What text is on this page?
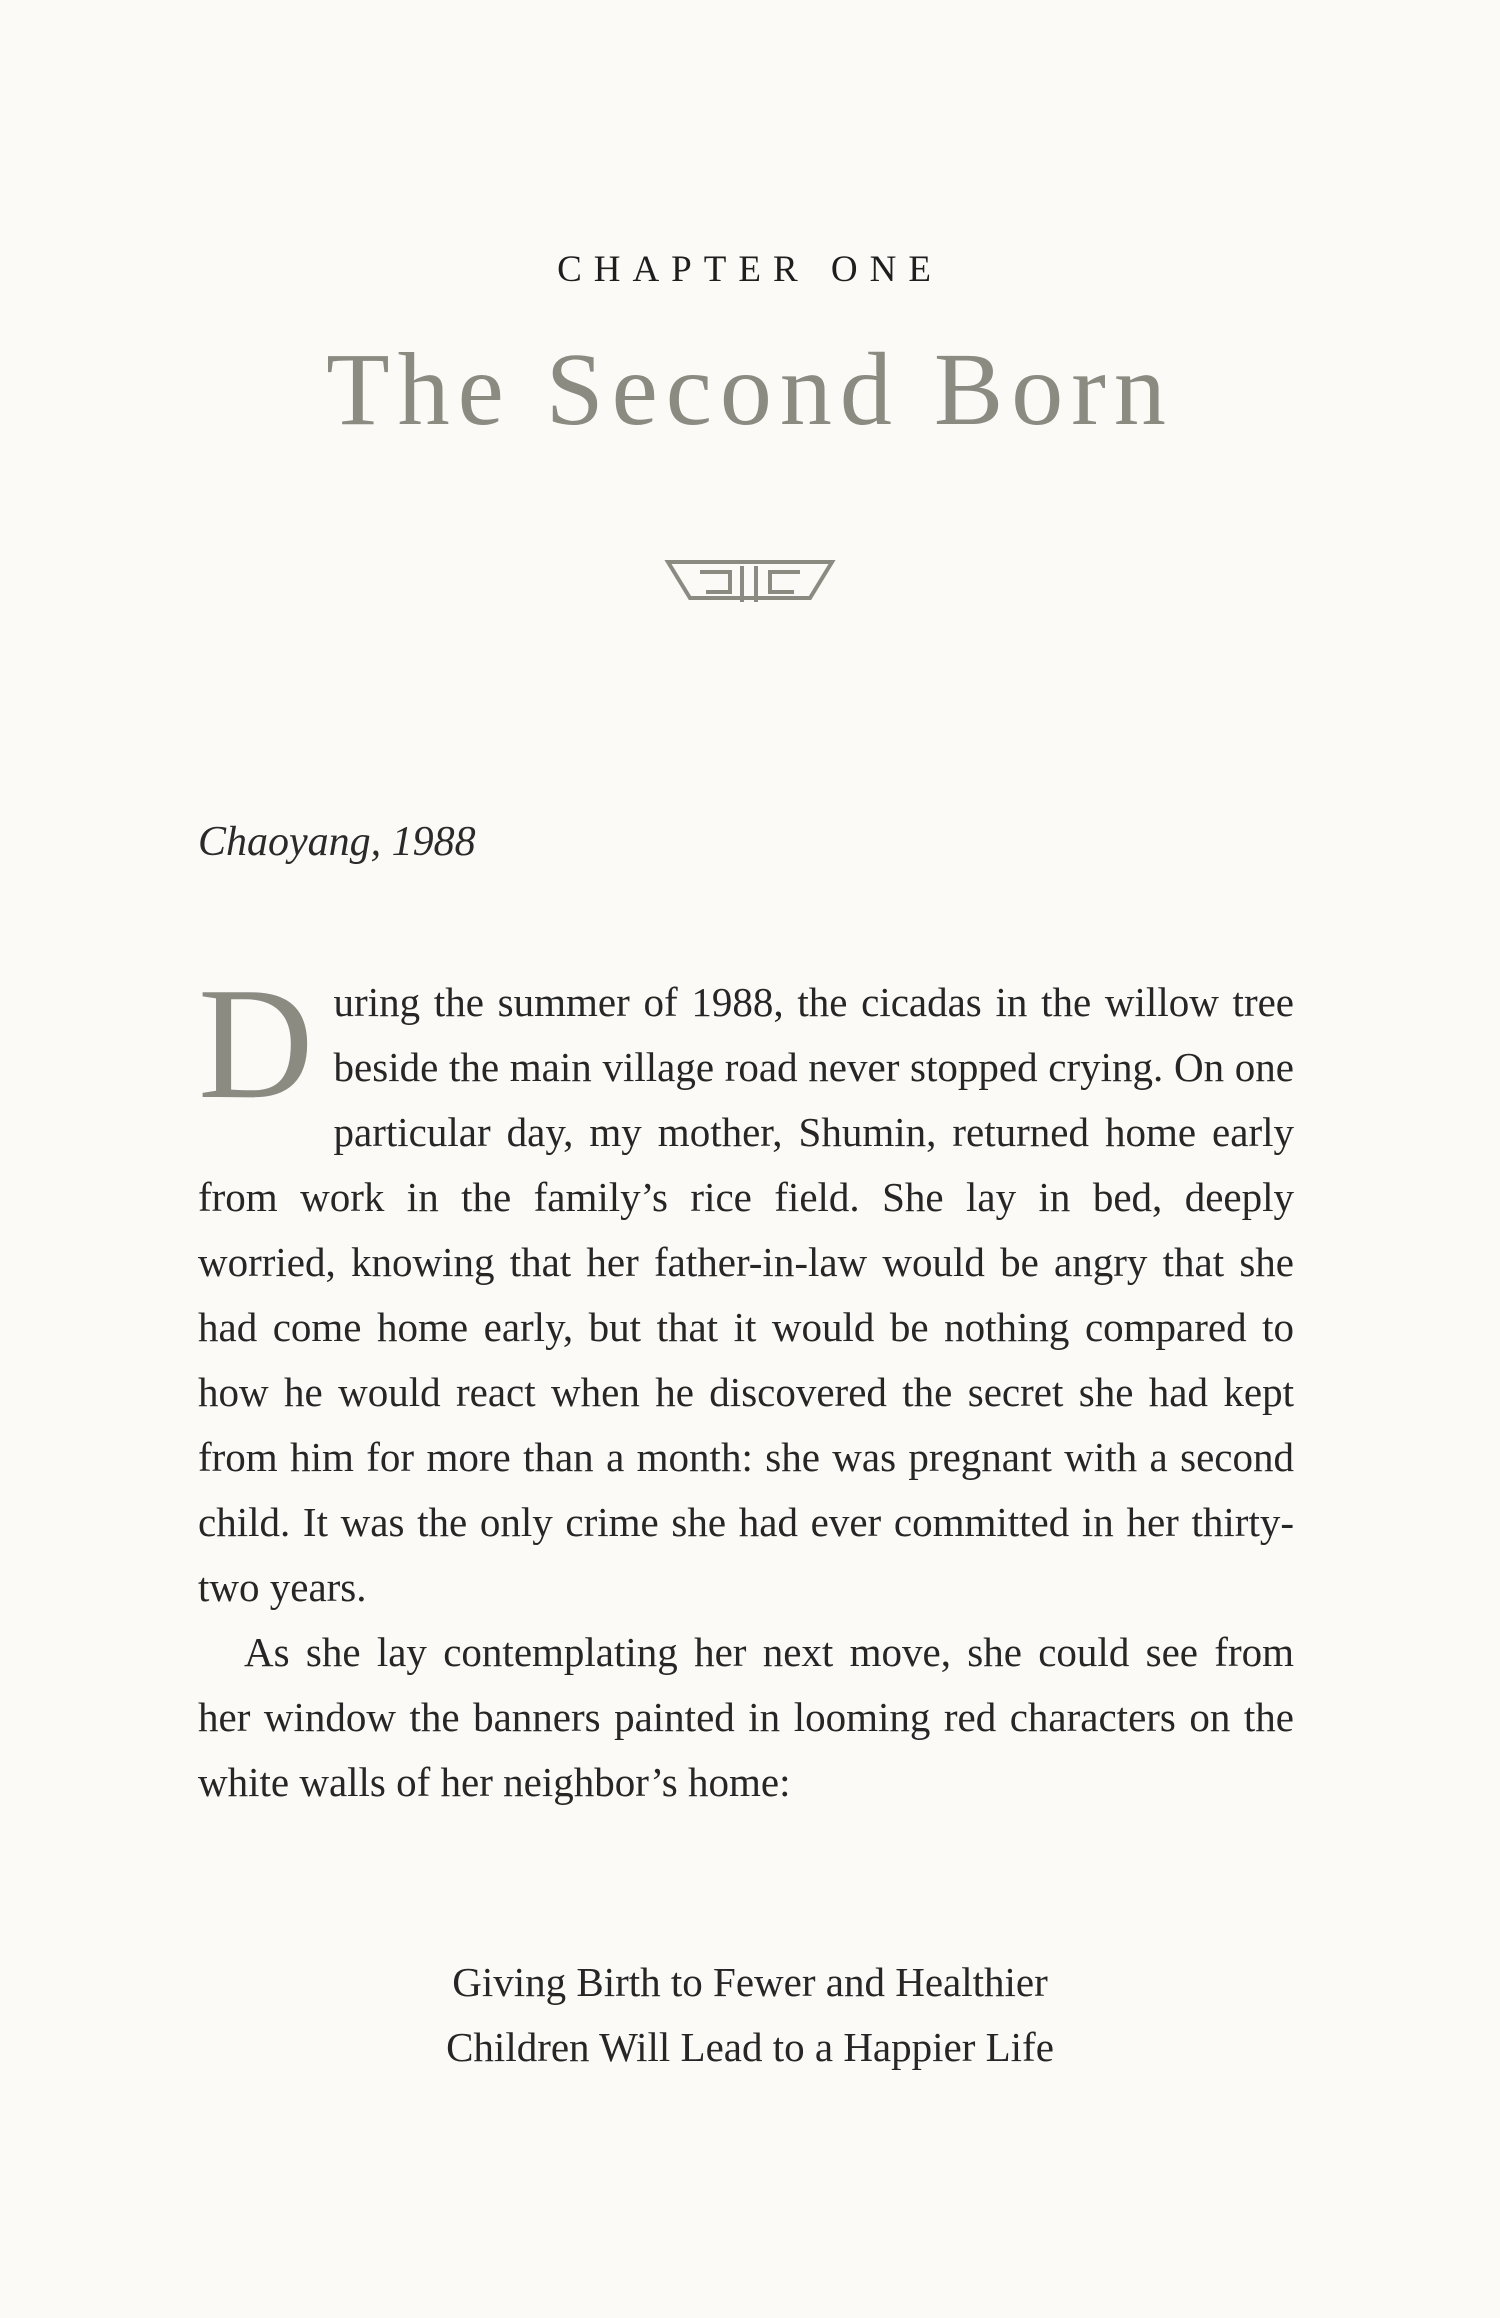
CHAPTER ONE
The Second Born
Chaoyang, 1988

During the summer of 1988, the cicadas in the willow tree beside the main village road never stopped crying. On one particular day, my mother, Shumin, returned home early from work in the family’s rice field. She lay in bed, deeply worried, knowing that her father-in-law would be angry that she had come home early, but that it would be nothing compared to how he would react when he discovered the secret she had kept from him for more than a month: she was pregnant with a second child. It was the only crime she had ever committed in her thirty-two years.

As she lay contemplating her next move, she could see from her window the banners painted in looming red characters on the white walls of her neighbor’s home:

Giving Birth to Fewer and Healthier
Children Will Lead to a Happier Life
